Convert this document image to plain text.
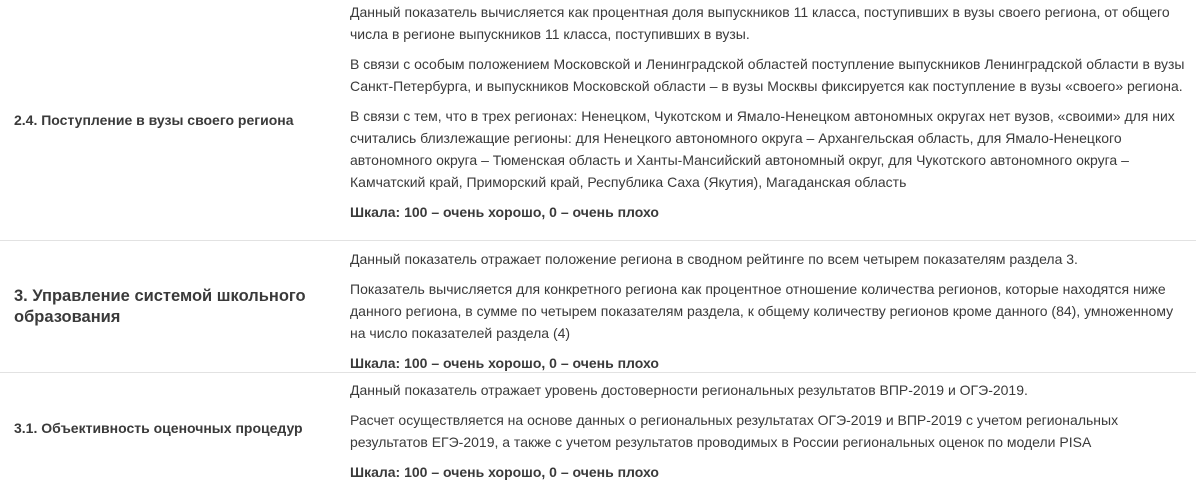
2.4. Поступление в вузы своего региона

Данный показатель вычисляется как процентная доля выпускников 11 класса, поступивших в вузы своего региона, от общего числа в регионе выпускников 11 класса, поступивших в вузы.

В связи с особым положением Московской и Ленинградской областей поступление выпускников Ленинградской области в вузы Санкт-Петербурга, и выпускников Московской области – в вузы Москвы фиксируется как поступление в вузы «своего» региона.

В связи с тем, что в трех регионах: Ненецком, Чукотском и Ямало-Ненецком автономных округах нет вузов, «своими» для них считались близлежащие регионы: для Ненецкого автономного округа – Архангельская область, для Ямало-Ненецкого автономного округа – Тюменская область и Ханты-Мансийский автономный округ, для Чукотского автономного округа – Камчатский край, Приморский край, Республика Саха (Якутия), Магаданская область

Шкала: 100 – очень хорошо, 0 – очень плохо

3. Управление системой школьного образования

Данный показатель отражает положение региона в сводном рейтинге по всем четырем показателям раздела 3.

Показатель вычисляется для конкретного региона как процентное отношение количества регионов, которые находятся ниже данного региона, в сумме по четырем показателям раздела, к общему количеству регионов кроме данного (84), умноженному на число показателей раздела (4)

Шкала: 100 – очень хорошо, 0 – очень плохо

3.1. Объективность оценочных процедур

Данный показатель отражает уровень достоверности региональных результатов ВПР-2019 и ОГЭ-2019.

Расчет осуществляется на основе данных о региональных результатах ОГЭ-2019 и ВПР-2019 с учетом региональных результатов ЕГЭ-2019, а также с учетом результатов проводимых в России региональных оценок по модели PISA

Шкала: 100 – очень хорошо, 0 – очень плохо
